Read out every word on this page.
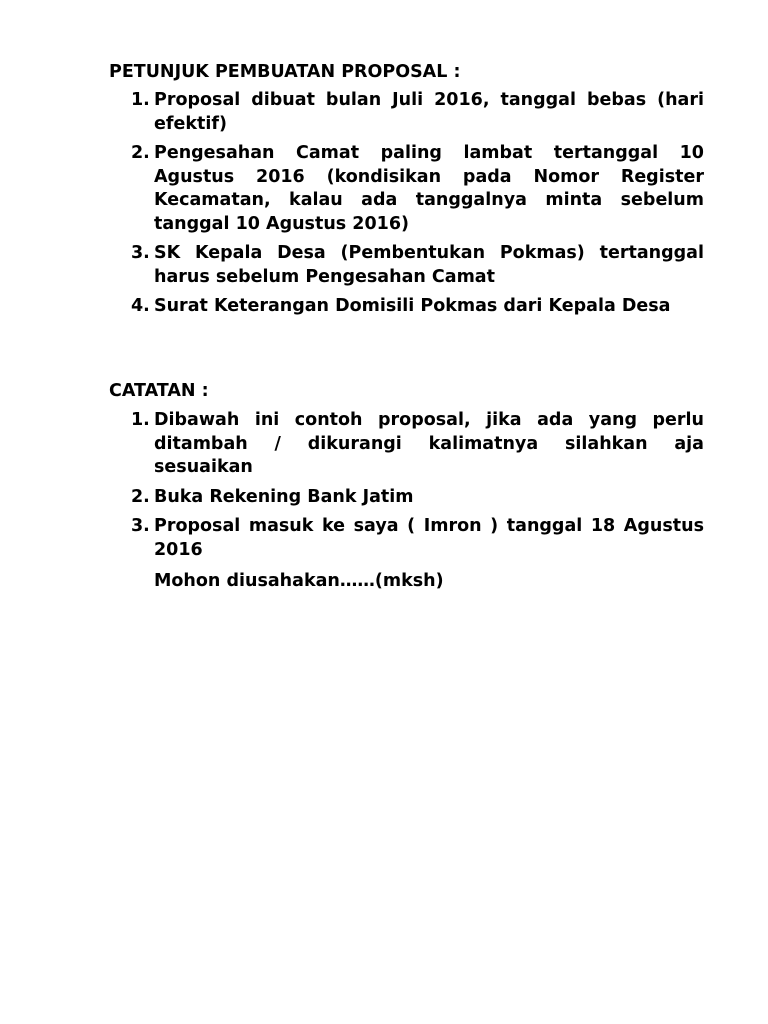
PETUNJUK PEMBUATAN PROPOSAL :
1. Proposal dibuat bulan Juli 2016, tanggal bebas (hari efektif)
2. Pengesahan Camat paling lambat tertanggal 10 Agustus 2016 (kondisikan pada Nomor Register Kecamatan, kalau ada tanggalnya minta sebelum tanggal 10 Agustus 2016)
3. SK Kepala Desa (Pembentukan Pokmas) tertanggal harus sebelum Pengesahan Camat
4. Surat Keterangan Domisili Pokmas dari Kepala Desa
CATATAN :
1. Dibawah ini contoh proposal, jika ada yang perlu ditambah / dikurangi kalimatnya silahkan aja sesuaikan
2. Buka Rekening Bank Jatim
3. Proposal masuk ke saya ( Imron ) tanggal 18 Agustus 2016

Mohon diusahakan……(mksh)
